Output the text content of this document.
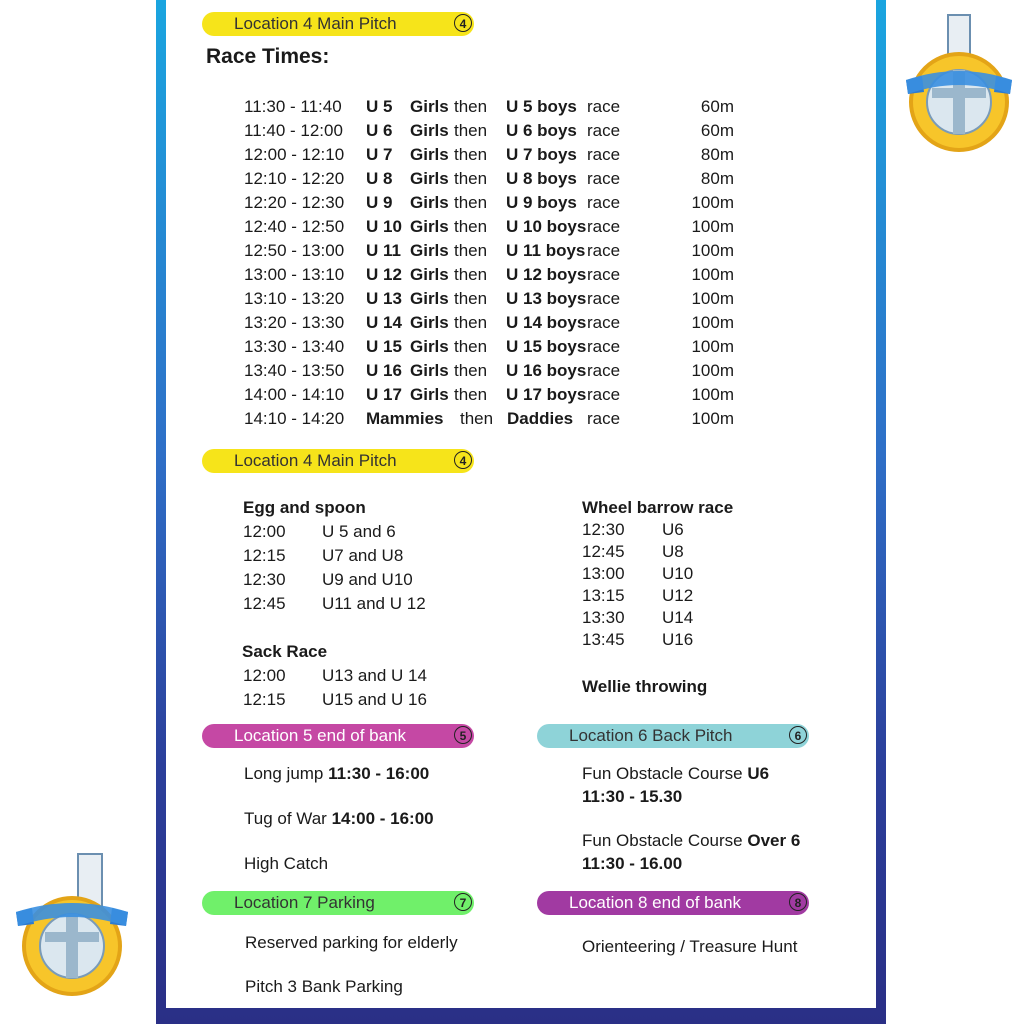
Location 4 Main Pitch	4
Race Times:
11:30 - 11:40 U 5 Girls then U 5 boys race	60m
11:40 - 12:00 U 6 Girls then U 6 boys race	60m
12:00 - 12:10 U 7 Girls then U 7 boys race	80m
12:10 - 12:20 U 8 Girls then U 8 boys race	80m
12:20 - 12:30 U 9 Girls then U 9 boys race	100m
12:40 - 12:50 U 10 Girls then U 10 boys race	100m
12:50 - 13:00 U 11 Girls then U 11 boys race	100m
13:00 - 13:10 U 12 Girls then U 12 boys race	100m
13:10 - 13:20 U 13 Girls then U 13 boys race	100m
13:20 - 13:30 U 14 Girls then U 14 boys race	100m
13:30 - 13:40 U 15 Girls then U 15 boys race	100m
13:40 - 13:50 U 16 Girls then U 16 boys race	100m
14:00 - 14:10 U 17 Girls then U 17 boys race	100m
14:10 - 14:20 Mammies then Daddies race	100m
Location 4 Main Pitch	4
Egg and spoon
12:00 U 5 and 6
12:15 U7 and U8
12:30 U9 and U10
12:45 U11 and U 12
Sack Race
12:00 U13 and U 14
12:15 U15 and U 16
Wheel barrow race
12:30 U6
12:45 U8
13:00 U10
13:15 U12
13:30 U14
13:45 U16
Wellie throwing
Location 5 end of bank	5
Long jump 11:30 - 16:00
Tug of War 14:00 - 16:00
High Catch
Location 6 Back Pitch	6
Fun Obstacle Course U6
11:30 - 15.30
Fun Obstacle Course Over 6
11:30 - 16.00
Location 7 Parking	7
Reserved parking for elderly
Pitch 3 Bank Parking
Location 8 end of bank	8
Orienteering / Treasure Hunt
